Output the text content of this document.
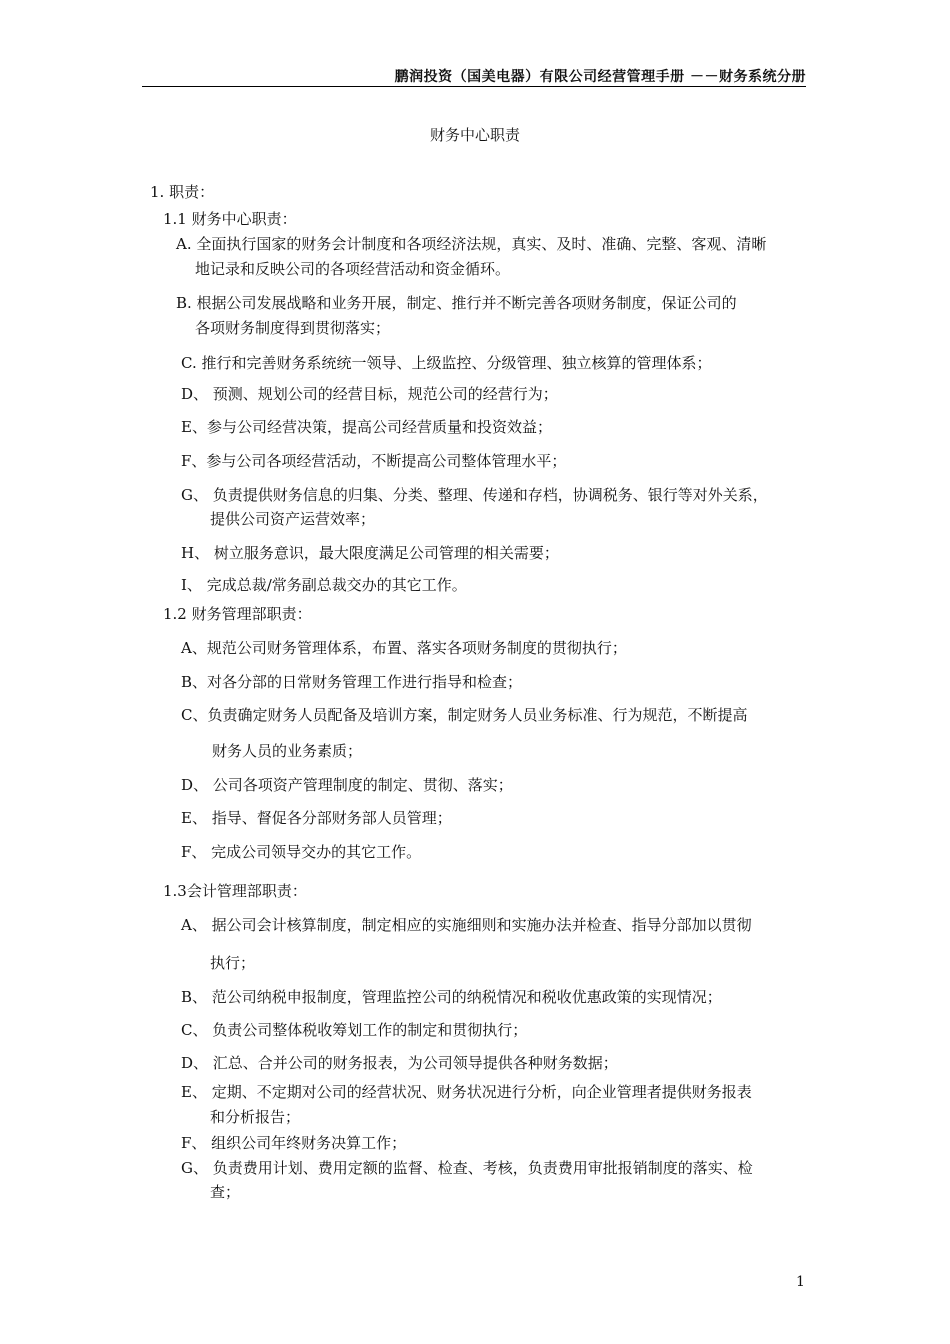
鹏润投资（国美电器）有限公司经营管理手册 －－财务系统分册
财务中心职责
1. 职责：
1.1 财务中心职责：
A. 全面执行国家的财务会计制度和各项经济法规，真实、及时、准确、完整、客观、清晰
地记录和反映公司的各项经营活动和资金循环。
B. 根据公司发展战略和业务开展，制定、推行并不断完善各项财务制度，保证公司的
各项财务制度得到贯彻落实；
C. 推行和完善财务系统统一领导、上级监控、分级管理、独立核算的管理体系；
D、 预测、规划公司的经营目标，规范公司的经营行为；
E、参与公司经营决策，提高公司经营质量和投资效益；
F、参与公司各项经营活动，不断提高公司整体管理水平；
G、 负责提供财务信息的归集、分类、整理、传递和存档，协调税务、银行等对外关系，
提供公司资产运营效率；
H、 树立服务意识，最大限度满足公司管理的相关需要；
I、 完成总裁/常务副总裁交办的其它工作。
1.2 财务管理部职责：
A、规范公司财务管理体系，布置、落实各项财务制度的贯彻执行；
B、对各分部的日常财务管理工作进行指导和检查；
C、负责确定财务人员配备及培训方案，制定财务人员业务标准、行为规范，不断提高
财务人员的业务素质；
D、 公司各项资产管理制度的制定、贯彻、落实；
E、 指导、督促各分部财务部人员管理；
F、 完成公司领导交办的其它工作。
1.3会计管理部职责：
A、 据公司会计核算制度，制定相应的实施细则和实施办法并检查、指导分部加以贯彻
执行；
B、 范公司纳税申报制度，管理监控公司的纳税情况和税收优惠政策的实现情况；
C、 负责公司整体税收筹划工作的制定和贯彻执行；
D、 汇总、合并公司的财务报表，为公司领导提供各种财务数据；
E、 定期、不定期对公司的经营状况、财务状况进行分析，向企业管理者提供财务报表
和分析报告；
F、 组织公司年终财务决算工作；
G、 负责费用计划、费用定额的监督、检查、考核，负责费用审批报销制度的落实、检
查；
1
